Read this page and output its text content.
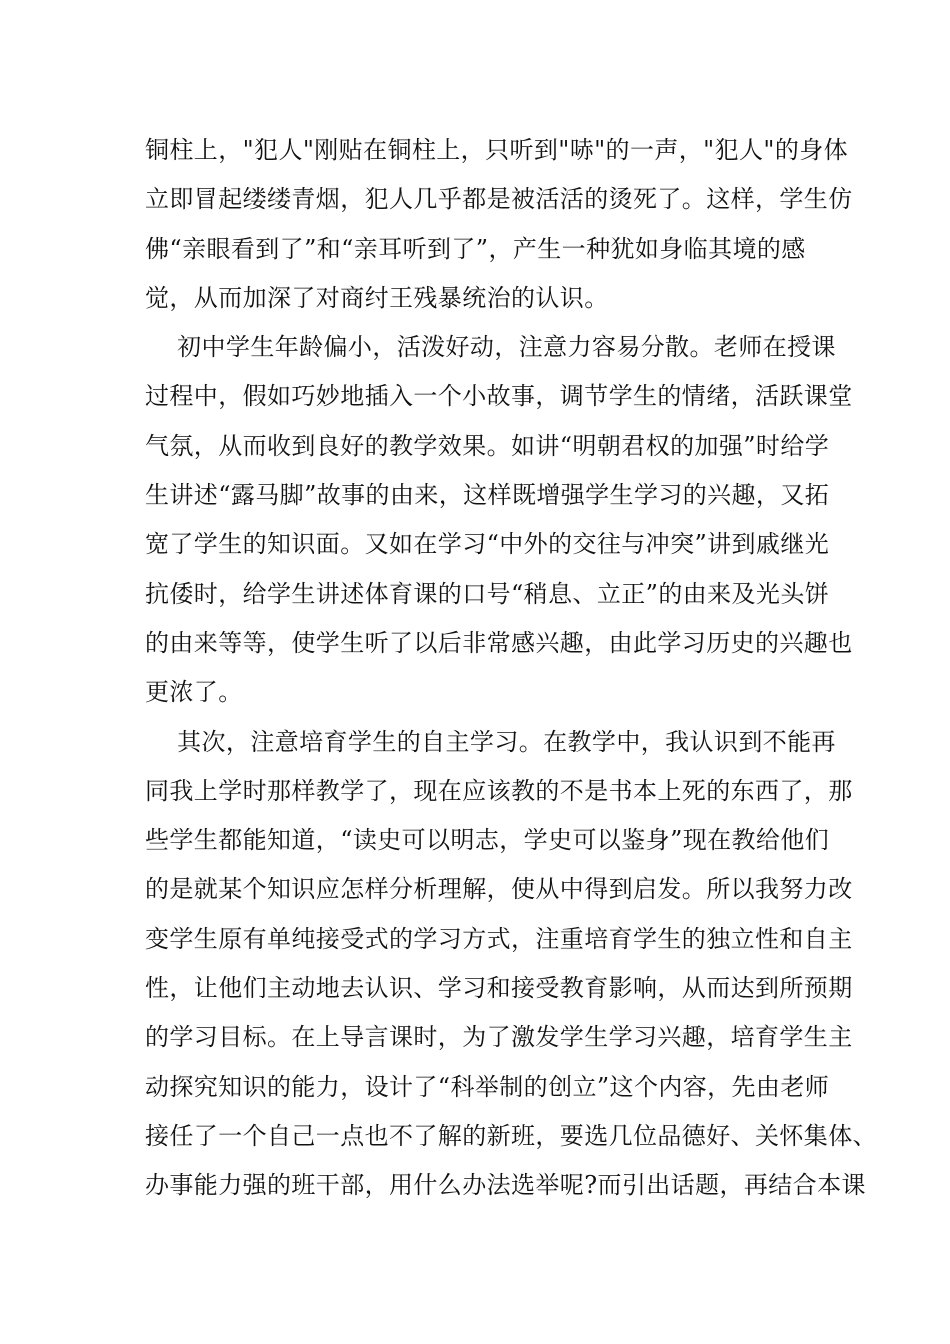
铜柱上，"犯人"刚贴在铜柱上，只听到"哧"的一声，"犯人"的身体
立即冒起缕缕青烟，犯人几乎都是被活活的烫死了。这样，学生仿
佛“亲眼看到了”和“亲耳听到了”，产生一种犹如身临其境的感
觉，从而加深了对商纣王残暴统治的认识。
初中学生年龄偏小，活泼好动，注意力容易分散。老师在授课
过程中，假如巧妙地插入一个小故事，调节学生的情绪，活跃课堂
气氛，从而收到良好的教学效果。如讲“明朝君权的加强”时给学
生讲述“露马脚”故事的由来，这样既增强学生学习的兴趣，又拓
宽了学生的知识面。又如在学习“中外的交往与冲突”讲到戚继光
抗倭时，给学生讲述体育课的口号“稍息、立正”的由来及光头饼
的由来等等，使学生听了以后非常感兴趣，由此学习历史的兴趣也
更浓了。
其次，注意培育学生的自主学习。在教学中，我认识到不能再
同我上学时那样教学了，现在应该教的不是书本上死的东西了，那
些学生都能知道，“读史可以明志，学史可以鉴身”现在教给他们
的是就某个知识应怎样分析理解，使从中得到启发。所以我努力改
变学生原有单纯接受式的学习方式，注重培育学生的独立性和自主
性，让他们主动地去认识、学习和接受教育影响，从而达到所预期
的学习目标。在上导言课时，为了激发学生学习兴趣，培育学生主
动探究知识的能力，设计了“科举制的创立”这个内容，先由老师
接任了一个自己一点也不了解的新班，要选几位品德好、关怀集体、
办事能力强的班干部，用什么办法选举呢?而引出话题，再结合本课
